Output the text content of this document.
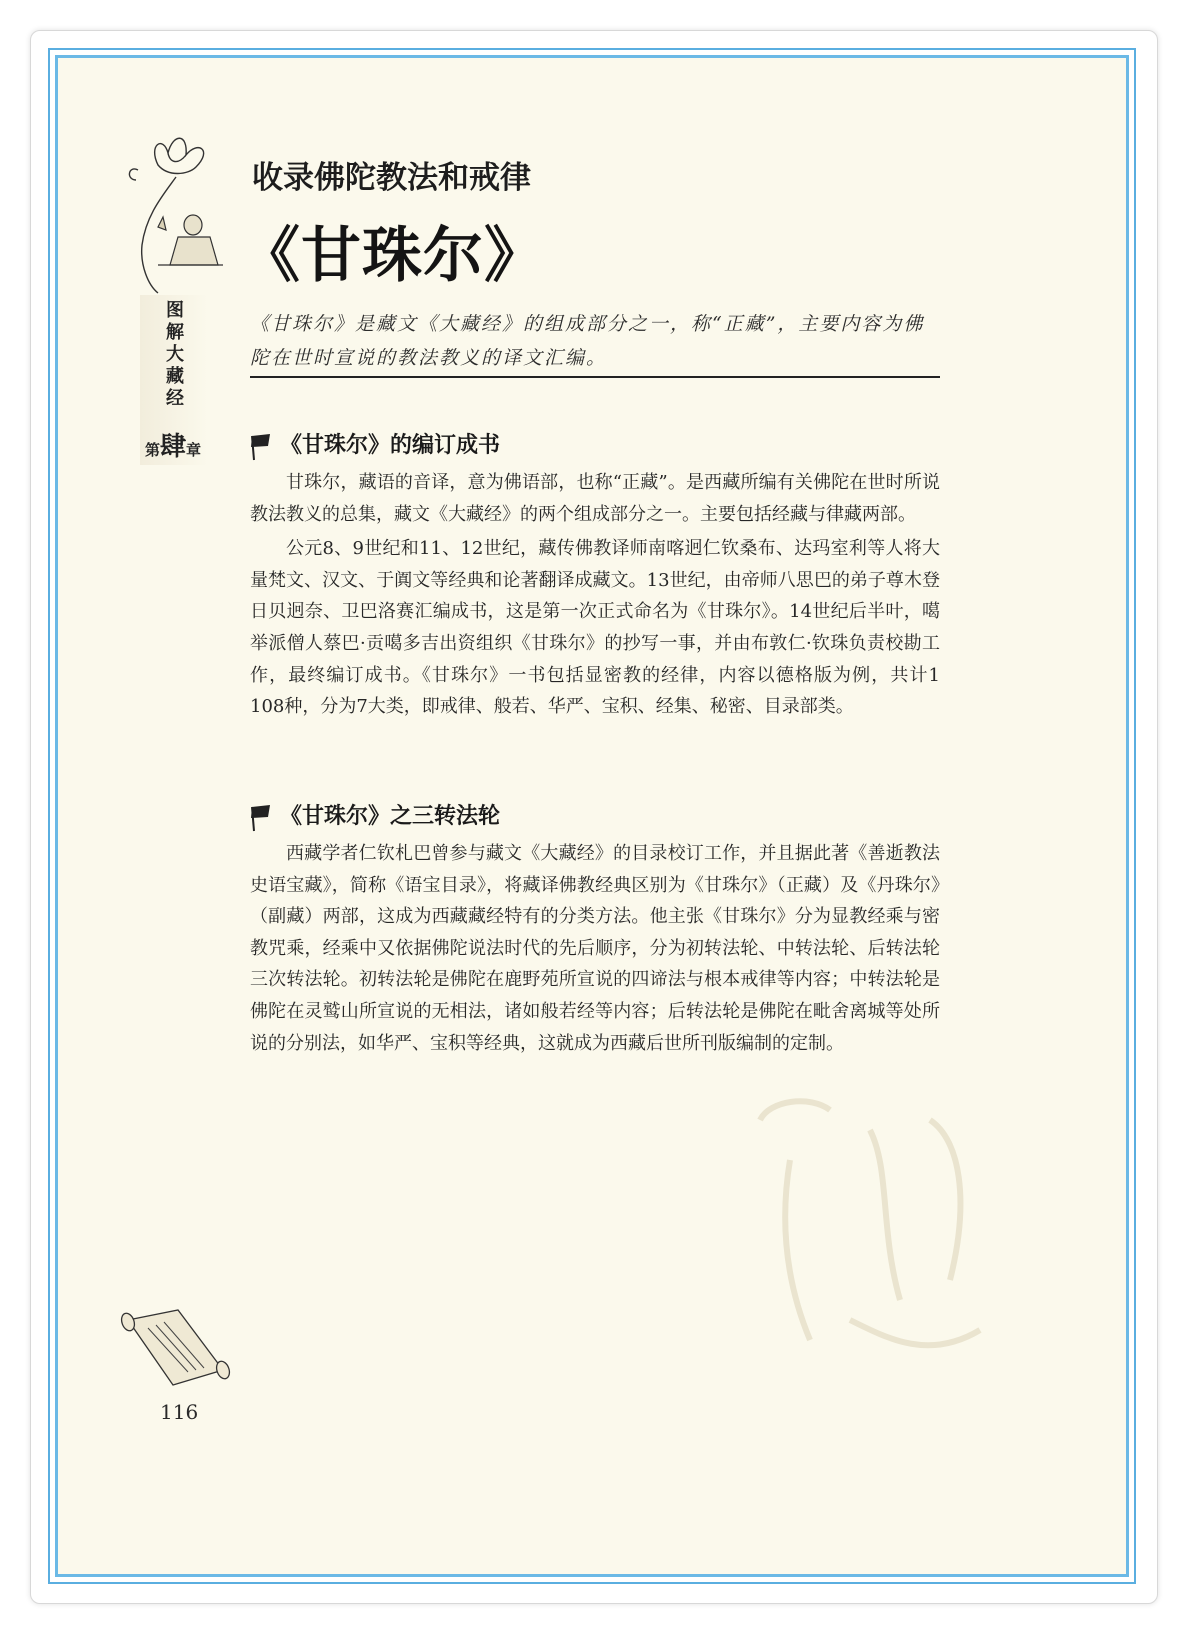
图解大藏经
第肆章
收录佛陀教法和戒律
《甘珠尔》
《甘珠尔》是藏文《大藏经》的组成部分之一，称“正藏”，主要内容为佛陀在世时宣说的教法教义的译文汇编。
《甘珠尔》的编订成书

甘珠尔，藏语的音译，意为佛语部，也称“正藏”。是西藏所编有关佛陀在世时所说教法教义的总集，藏文《大藏经》的两个组成部分之一。主要包括经藏与律藏两部。

公元8、9世纪和11、12世纪，藏传佛教译师南喀迥仁钦桑布、达玛室利等人将大量梵文、汉文、于阗文等经典和论著翻译成藏文。13世纪，由帝师八思巴的弟子尊木登日贝迥奈、卫巴洛赛汇编成书，这是第一次正式命名为《甘珠尔》。14世纪后半叶，噶举派僧人蔡巴·贡噶多吉出资组织《甘珠尔》的抄写一事，并由布敦仁·钦珠负责校勘工作，最终编订成书。《甘珠尔》一书包括显密教的经律，内容以德格版为例，共计1 108种，分为7大类，即戒律、般若、华严、宝积、经集、秘密、目录部类。

《甘珠尔》之三转法轮

西藏学者仁钦札巴曾参与藏文《大藏经》的目录校订工作，并且据此著《善逝教法史语宝藏》，简称《语宝目录》，将藏译佛教经典区别为《甘珠尔》（正藏）及《丹珠尔》（副藏）两部，这成为西藏藏经特有的分类方法。他主张《甘珠尔》分为显教经乘与密教咒乘，经乘中又依据佛陀说法时代的先后顺序，分为初转法轮、中转法轮、后转法轮三次转法轮。初转法轮是佛陀在鹿野苑所宣说的四谛法与根本戒律等内容；中转法轮是佛陀在灵鹫山所宣说的无相法，诸如般若经等内容；后转法轮是佛陀在毗舍离城等处所说的分别法，如华严、宝积等经典，这就成为西藏后世所刊版编制的定制。

116
